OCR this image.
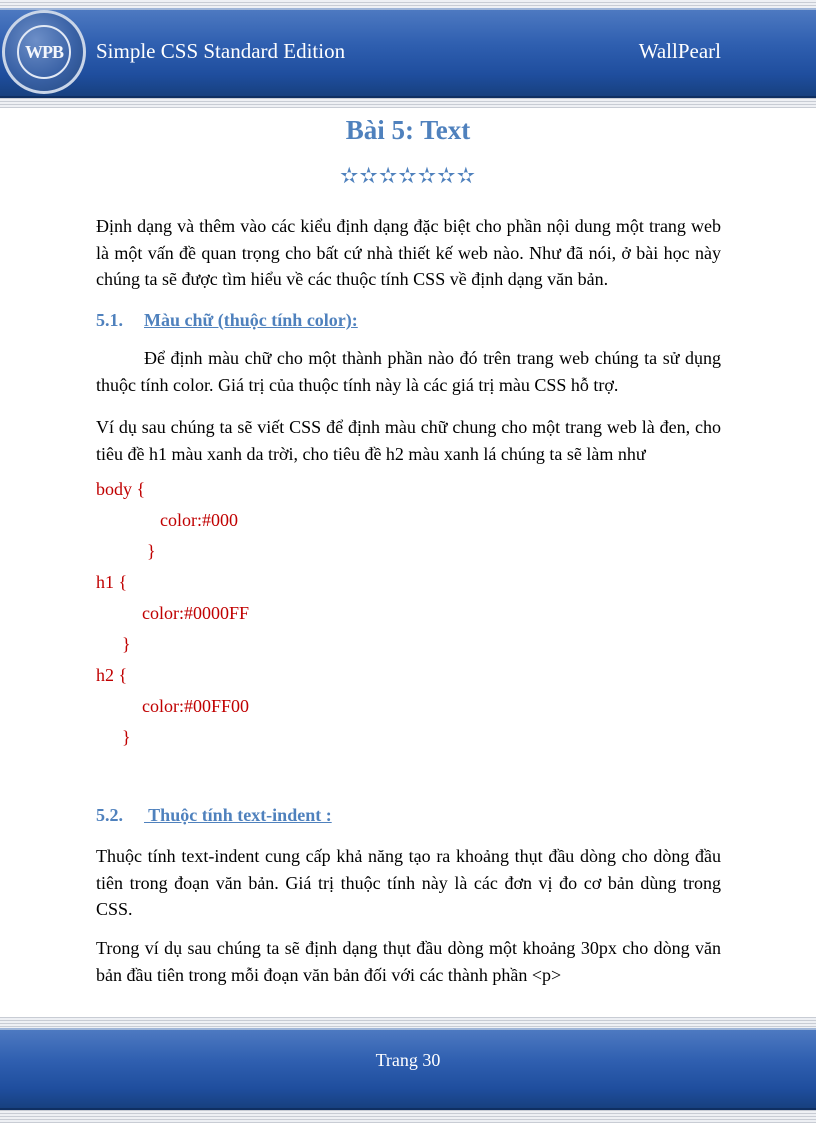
WPB	Simple CSS Standard Edition	WallPearl
Bài 5: Text
✫✫✫✫✫✫✫

Định dạng và thêm vào các kiểu định dạng đặc biệt cho phần nội dung một trang web là một vấn đề quan trọng cho bất cứ nhà thiết kế web nào. Như đã nói, ở bài học này chúng ta sẽ được tìm hiểu về các thuộc tính CSS về định dạng văn bản.

5.1. Màu chữ (thuộc tính color):

Để định màu chữ cho một thành phần nào đó trên trang web chúng ta sử dụng thuộc tính color. Giá trị của thuộc tính này là các giá trị màu CSS hỗ trợ.

Ví dụ sau chúng ta sẽ viết CSS để định màu chữ chung cho một trang web là đen, cho tiêu đề h1 màu xanh da trời, cho tiêu đề h2 màu xanh lá chúng ta sẽ làm như

body {
color:#000
}
h1 {
color:#0000FF
}
h2 {
color:#00FF00
}
5.2. Thuộc tính text-indent :

Thuộc tính text-indent cung cấp khả năng tạo ra khoảng thụt đầu dòng cho dòng đầu tiên trong đoạn văn bản. Giá trị thuộc tính này là các đơn vị đo cơ bản dùng trong CSS.

Trong ví dụ sau chúng ta sẽ định dạng thụt đầu dòng một khoảng 30px cho dòng văn bản đầu tiên trong mỗi đoạn văn bản đối với các thành phần <p>

Trang 30
